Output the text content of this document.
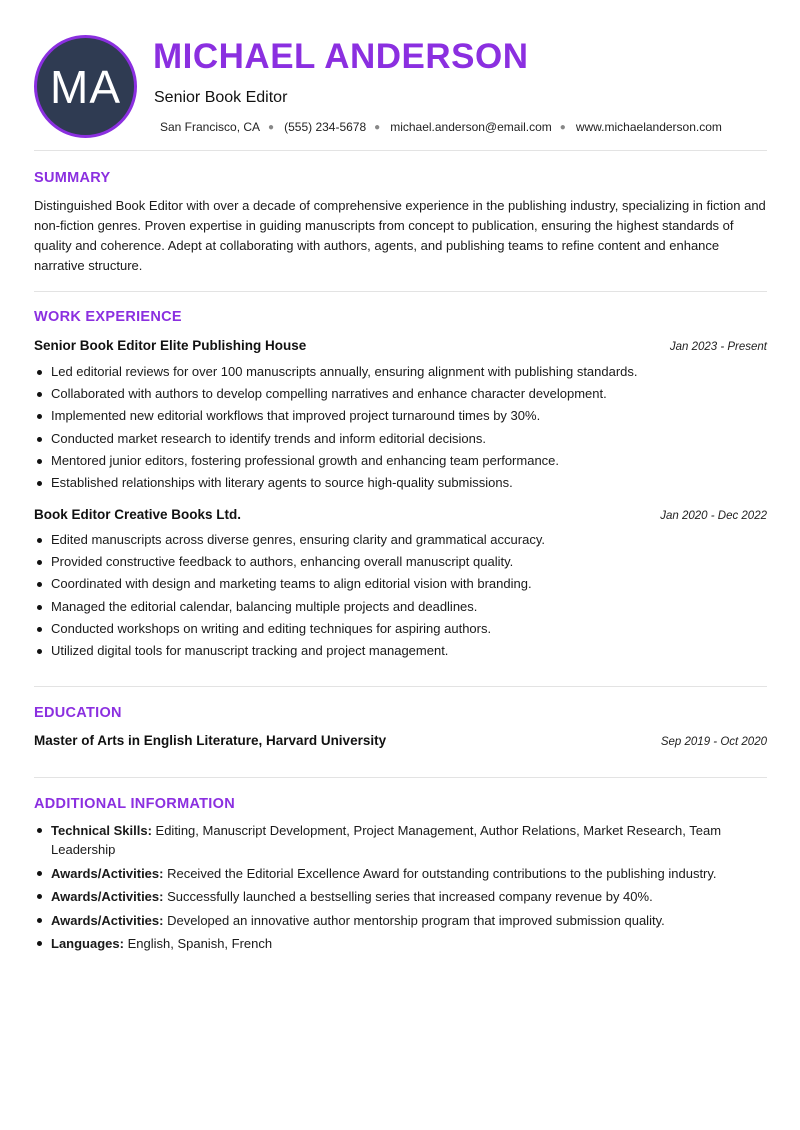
MA
MICHAEL ANDERSON
Senior Book Editor
San Francisco, CA ● (555) 234-5678 ● michael.anderson@email.com ● www.michaelanderson.com
SUMMARY
Distinguished Book Editor with over a decade of comprehensive experience in the publishing industry, specializing in fiction and non-fiction genres. Proven expertise in guiding manuscripts from concept to publication, ensuring the highest standards of quality and coherence. Adept at collaborating with authors, agents, and publishing teams to refine content and enhance narrative structure.
WORK EXPERIENCE
Senior Book Editor Elite Publishing House	Jan 2023 - Present
Led editorial reviews for over 100 manuscripts annually, ensuring alignment with publishing standards.
Collaborated with authors to develop compelling narratives and enhance character development.
Implemented new editorial workflows that improved project turnaround times by 30%.
Conducted market research to identify trends and inform editorial decisions.
Mentored junior editors, fostering professional growth and enhancing team performance.
Established relationships with literary agents to source high-quality submissions.
Book Editor Creative Books Ltd.	Jan 2020 - Dec 2022
Edited manuscripts across diverse genres, ensuring clarity and grammatical accuracy.
Provided constructive feedback to authors, enhancing overall manuscript quality.
Coordinated with design and marketing teams to align editorial vision with branding.
Managed the editorial calendar, balancing multiple projects and deadlines.
Conducted workshops on writing and editing techniques for aspiring authors.
Utilized digital tools for manuscript tracking and project management.
EDUCATION
Master of Arts in English Literature, Harvard University	Sep 2019 - Oct 2020
ADDITIONAL INFORMATION
Technical Skills: Editing, Manuscript Development, Project Management, Author Relations, Market Research, Team Leadership
Awards/Activities: Received the Editorial Excellence Award for outstanding contributions to the publishing industry.
Awards/Activities: Successfully launched a bestselling series that increased company revenue by 40%.
Awards/Activities: Developed an innovative author mentorship program that improved submission quality.
Languages: English, Spanish, French
